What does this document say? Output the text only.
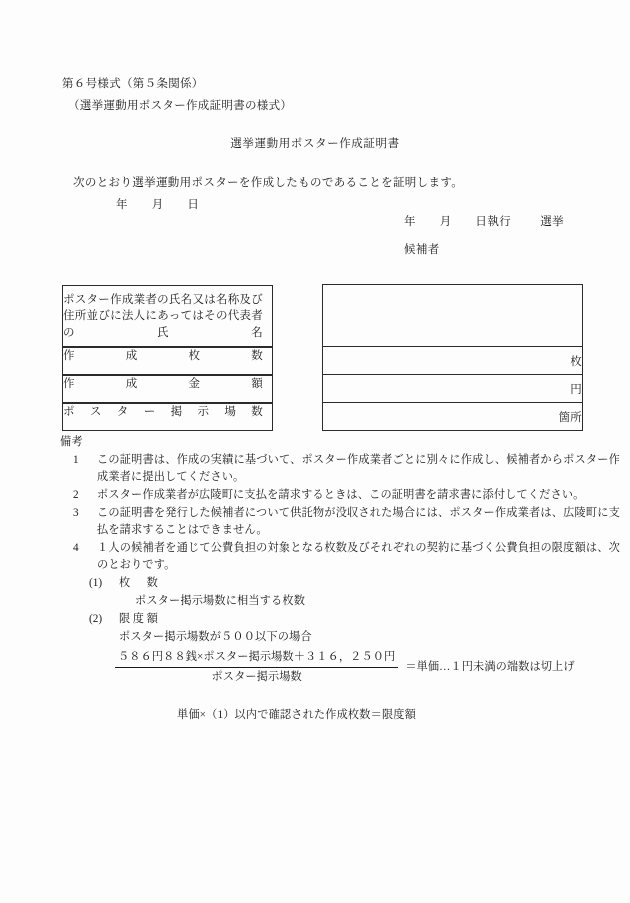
第６号様式（第５条関係）
（選挙運動用ポスター作成証明書の様式）
選挙運動用ポスター作成証明書
次のとおり選挙運動用ポスターを作成したものであることを証明します。
年　　月　　日
年　　月　　日執行	選挙
候補者
ポスター作成業者の氏名又は名称及び住所並びに法人にあってはその代表者の氏名

作　　成　　枚　　数	枚

作　　成　　金　　額	円

ポスター掲示場数	箇所
備考
1	この証明書は、作成の実績に基づいて、ポスター作成業者ごとに別々に作成し、候補者からポスター作成業者に提出してください。
2	ポスター作成業者が広陵町に支払を請求するときは、この証明書を請求書に添付してください。
3	この証明書を発行した候補者について供託物が没収された場合には、ポスター作成業者は、広陵町に支払を請求することはできません。
4	１人の候補者を通じて公費負担の対象となる枚数及びそれぞれの契約に基づく公費負担の限度額は、次のとおりです。
(1)	枚　数
ポスター掲示場数に相当する枚数
(2)	限度額
ポスター掲示場数が５００以下の場合
$\frac{\text{５８６円８８銭×ポスター掲示場数＋３１６，２５０円}}{\text{ポスター掲示場数}}$ ＝単価…１円未満の端数は切上げ
単価×（1）以内で確認された作成枚数＝限度額
